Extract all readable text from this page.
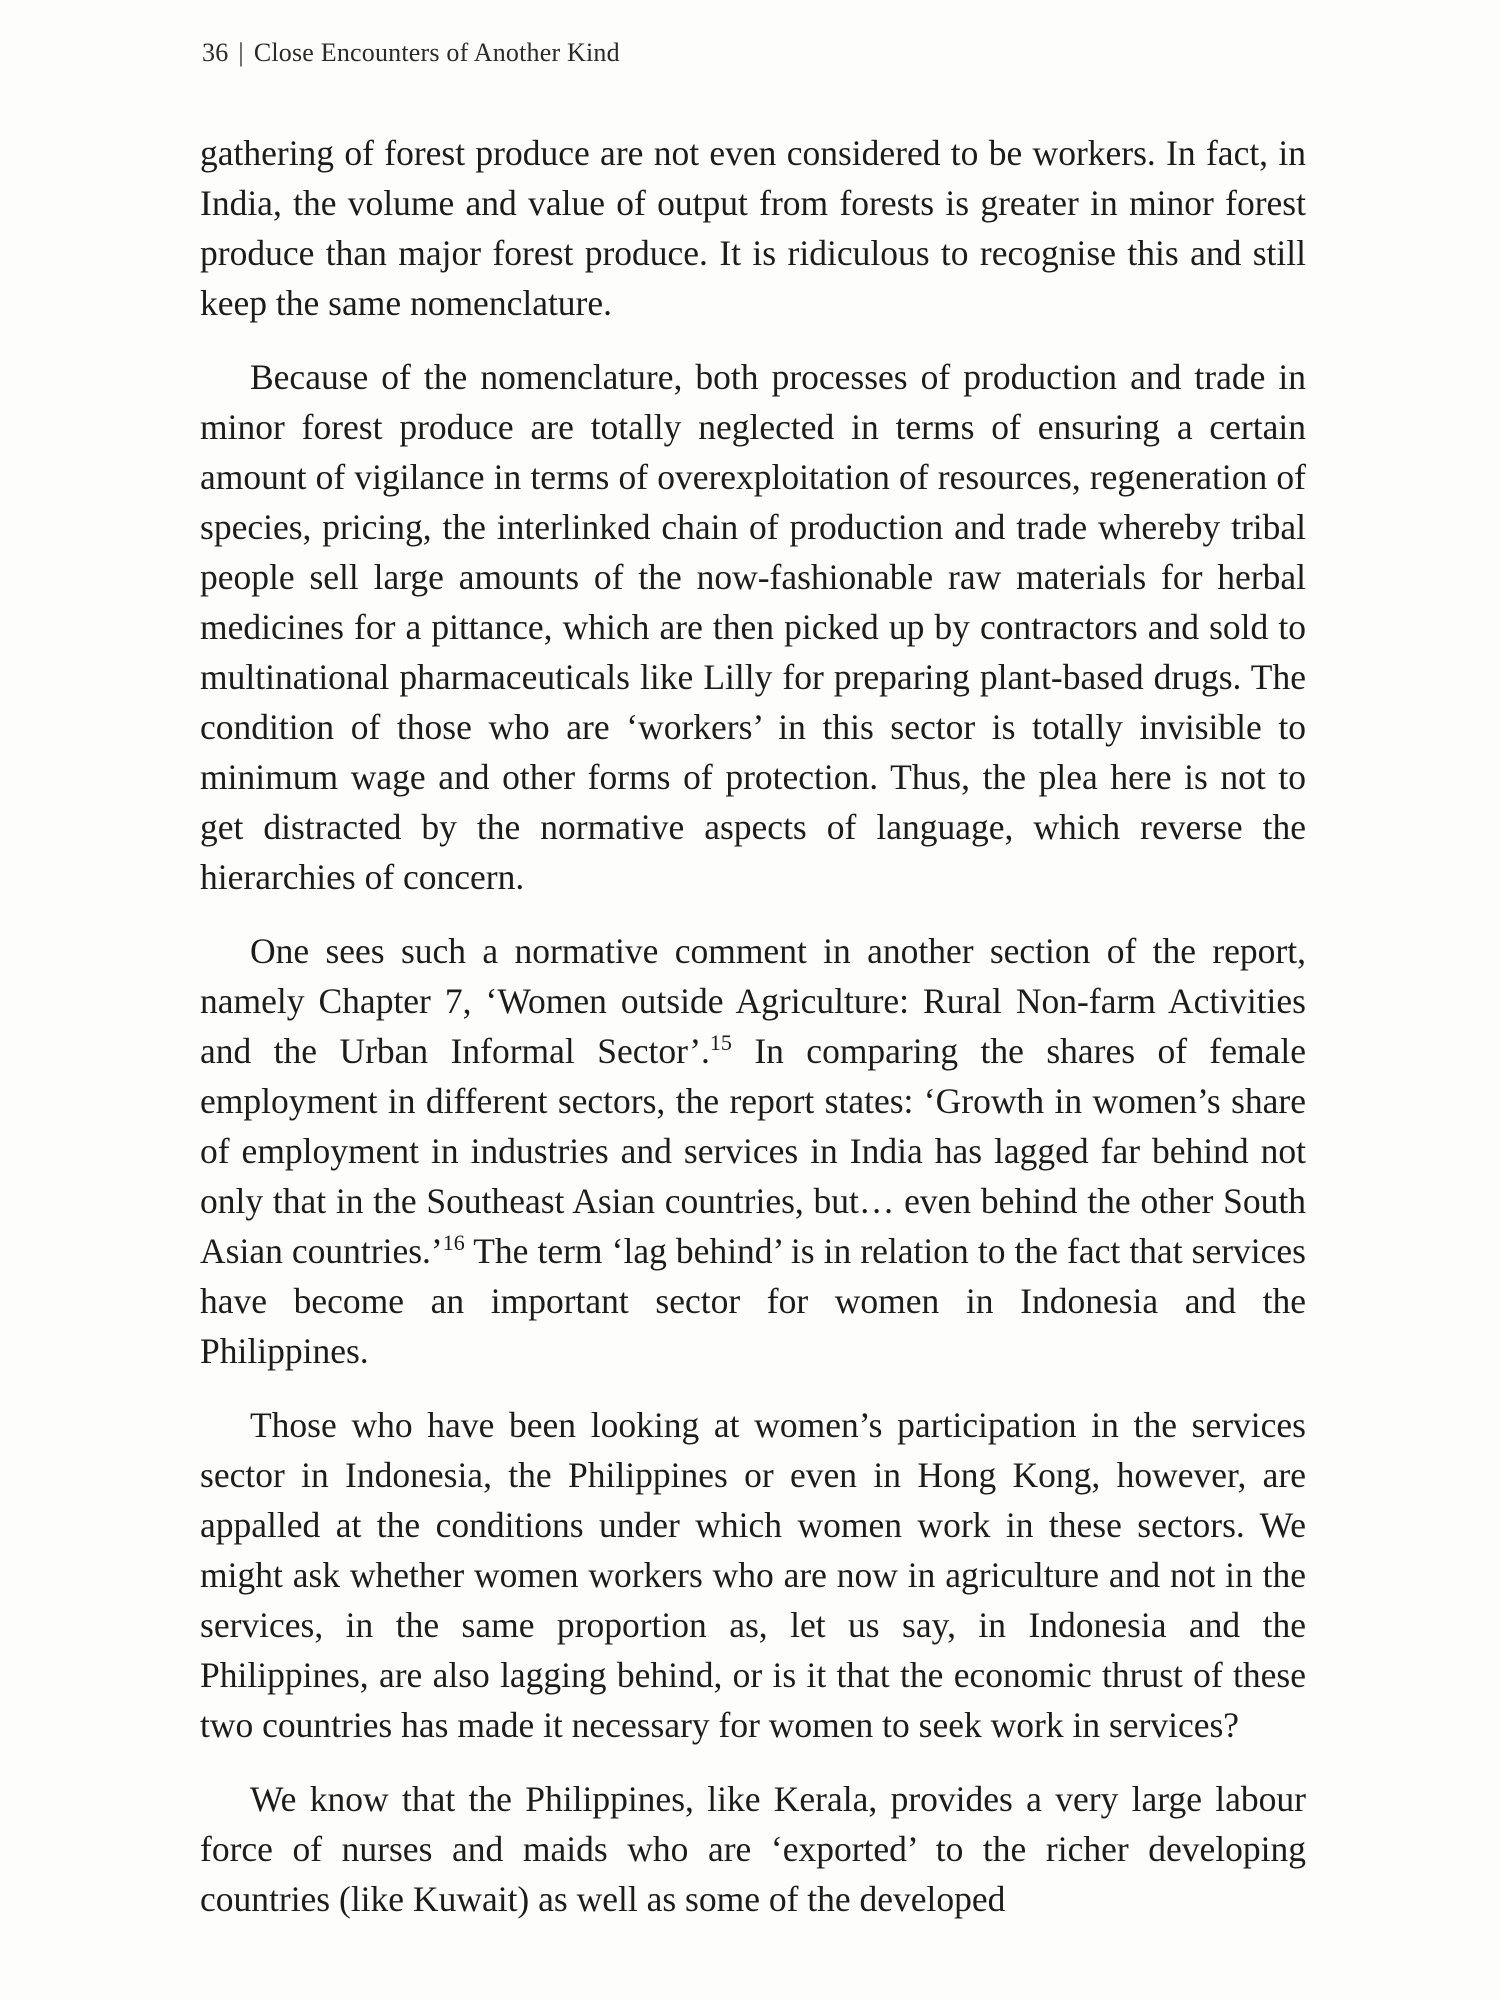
36 | Close Encounters of Another Kind

gathering of forest produce are not even considered to be workers. In fact, in India, the volume and value of output from forests is greater in minor forest produce than major forest produce. It is ridiculous to recognise this and still keep the same nomenclature.

Because of the nomenclature, both processes of production and trade in minor forest produce are totally neglected in terms of ensuring a certain amount of vigilance in terms of overexploitation of resources, regeneration of species, pricing, the interlinked chain of production and trade whereby tribal people sell large amounts of the now-fashionable raw materials for herbal medicines for a pittance, which are then picked up by contractors and sold to multinational pharmaceuticals like Lilly for preparing plant-based drugs. The condition of those who are ‘workers’ in this sector is totally invisible to minimum wage and other forms of protection. Thus, the plea here is not to get distracted by the normative aspects of language, which reverse the hierarchies of concern.

One sees such a normative comment in another section of the report, namely Chapter 7, ‘Women outside Agriculture: Rural Non-farm Activities and the Urban Informal Sector’.$^{15}$ In comparing the shares of female employment in different sectors, the report states: ‘Growth in women’s share of employment in industries and services in India has lagged far behind not only that in the Southeast Asian countries, but… even behind the other South Asian countries.’$^{16}$ The term ‘lag behind’ is in relation to the fact that services have become an important sector for women in Indonesia and the Philippines.

Those who have been looking at women’s participation in the services sector in Indonesia, the Philippines or even in Hong Kong, however, are appalled at the conditions under which women work in these sectors. We might ask whether women workers who are now in agriculture and not in the services, in the same proportion as, let us say, in Indonesia and the Philippines, are also lagging behind, or is it that the economic thrust of these two countries has made it necessary for women to seek work in services?

We know that the Philippines, like Kerala, provides a very large labour force of nurses and maids who are ‘exported’ to the richer developing countries (like Kuwait) as well as some of the developed
